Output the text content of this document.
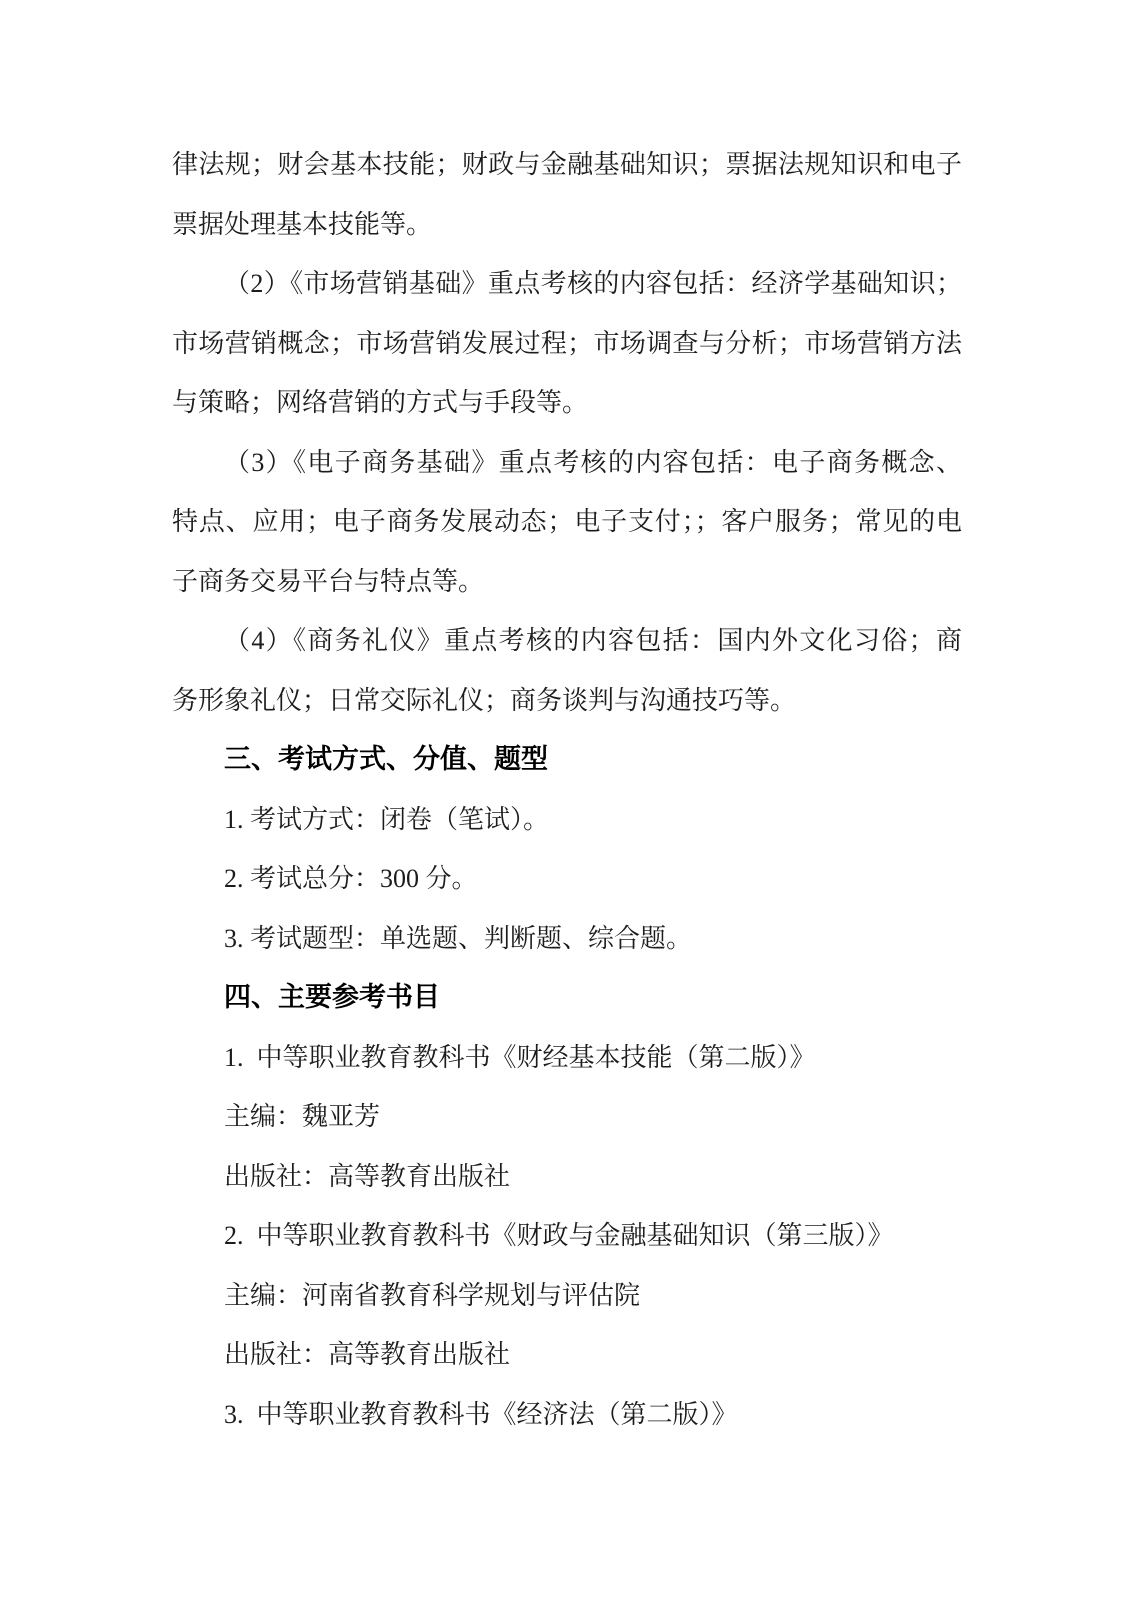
律法规；财会基本技能；财政与金融基础知识；票据法规知识和电子
票据处理基本技能等。
（2）《市场营销基础》重点考核的内容包括：经济学基础知识；
市场营销概念；市场营销发展过程；市场调查与分析；市场营销方法
与策略；网络营销的方式与手段等。
（3）《电子商务基础》重点考核的内容包括：电子商务概念、
特点、应用；电子商务发展动态；电子支付；；客户服务；常见的电
子商务交易平台与特点等。
（4）《商务礼仪》重点考核的内容包括：国内外文化习俗；商
务形象礼仪；日常交际礼仪；商务谈判与沟通技巧等。
三、考试方式、分值、题型
1. 考试方式：闭卷（笔试）。
2. 考试总分：300 分。
3. 考试题型：单选题、判断题、综合题。
四、主要参考书目
1.  中等职业教育教科书《财经基本技能（第二版）》
主编：魏亚芳
出版社：高等教育出版社
2.  中等职业教育教科书《财政与金融基础知识（第三版）》
主编：河南省教育科学规划与评估院
出版社：高等教育出版社
3.  中等职业教育教科书《经济法（第二版）》
